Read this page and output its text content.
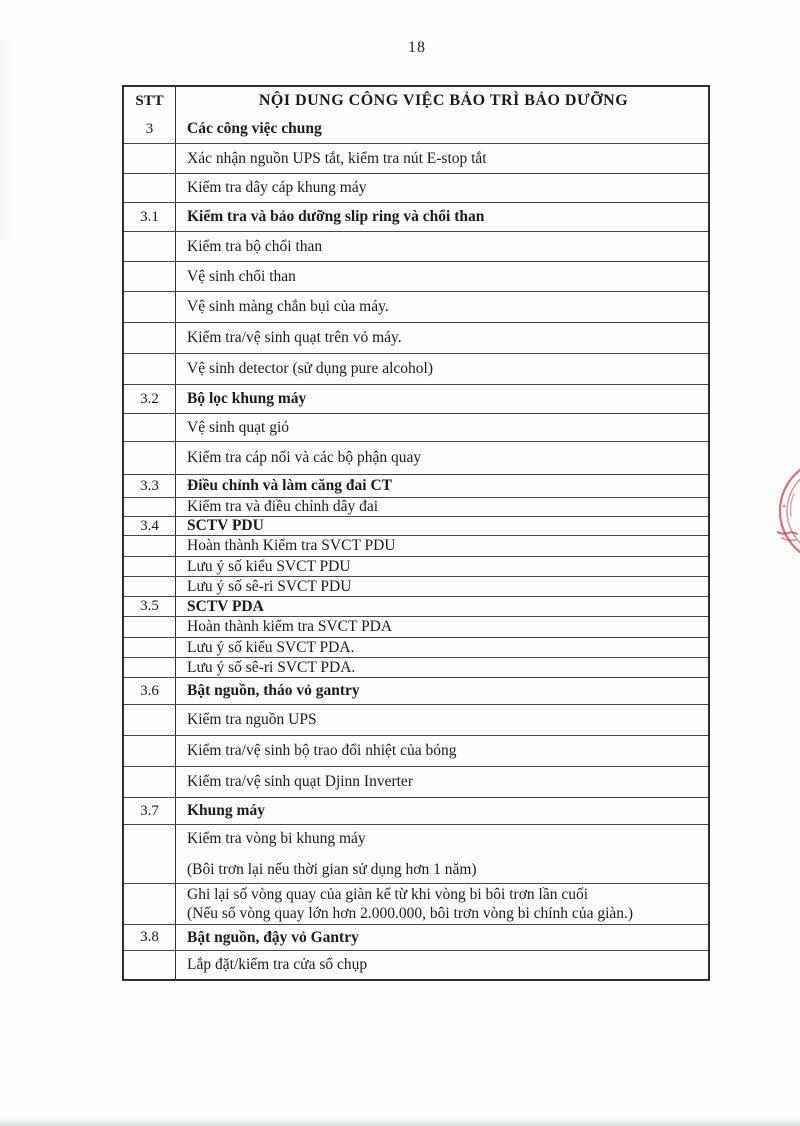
18
STT	NỘI DUNG CÔNG VIỆC BẢO TRÌ BẢO DƯỠNG
3	Các công việc chung
Xác nhận nguồn UPS tắt, kiểm tra nút E-stop tắt
Kiểm tra dây cáp khung máy
3.1	Kiểm tra và bảo dưỡng slip ring và chổi than
Kiểm tra bộ chổi than
Vệ sinh chổi than
Vệ sinh màng chắn bụi của máy.
Kiểm tra/vệ sinh quạt trên vỏ máy.
Vệ sinh detector (sử dụng pure alcohol)
3.2	Bộ lọc khung máy
Vệ sinh quạt gió
Kiểm tra cáp nối và các bộ phận quay
3.3	Điều chỉnh và làm căng đai CT
Kiểm tra và điều chỉnh dây đai
3.4	SCTV PDU
Hoàn thành Kiểm tra SVCT PDU
Lưu ý số kiểu SVCT PDU
Lưu ý số sê-ri SVCT PDU
3.5	SCTV PDA
Hoàn thành kiểm tra SVCT PDA
Lưu ý số kiểu SVCT PDA.
Lưu ý số sê-ri SVCT PDA.
3.6	Bật nguồn, tháo vỏ gantry
Kiểm tra nguồn UPS
Kiểm tra/vệ sinh bộ trao đổi nhiệt của bóng
Kiểm tra/vệ sinh quạt Djinn Inverter
3.7	Khung máy
Kiểm tra vòng bi khung máy
(Bôi trơn lại nếu thời gian sử dụng hơn 1 năm)
Ghi lại số vòng quay của giàn kể từ khi vòng bi bôi trơn lần cuối
(Nếu số vòng quay lớn hơn 2.000.000, bôi trơn vòng bi chính của giàn.)
3.8	Bật nguồn, đậy vỏ Gantry
Lắp đặt/kiểm tra cửa sổ chụp
